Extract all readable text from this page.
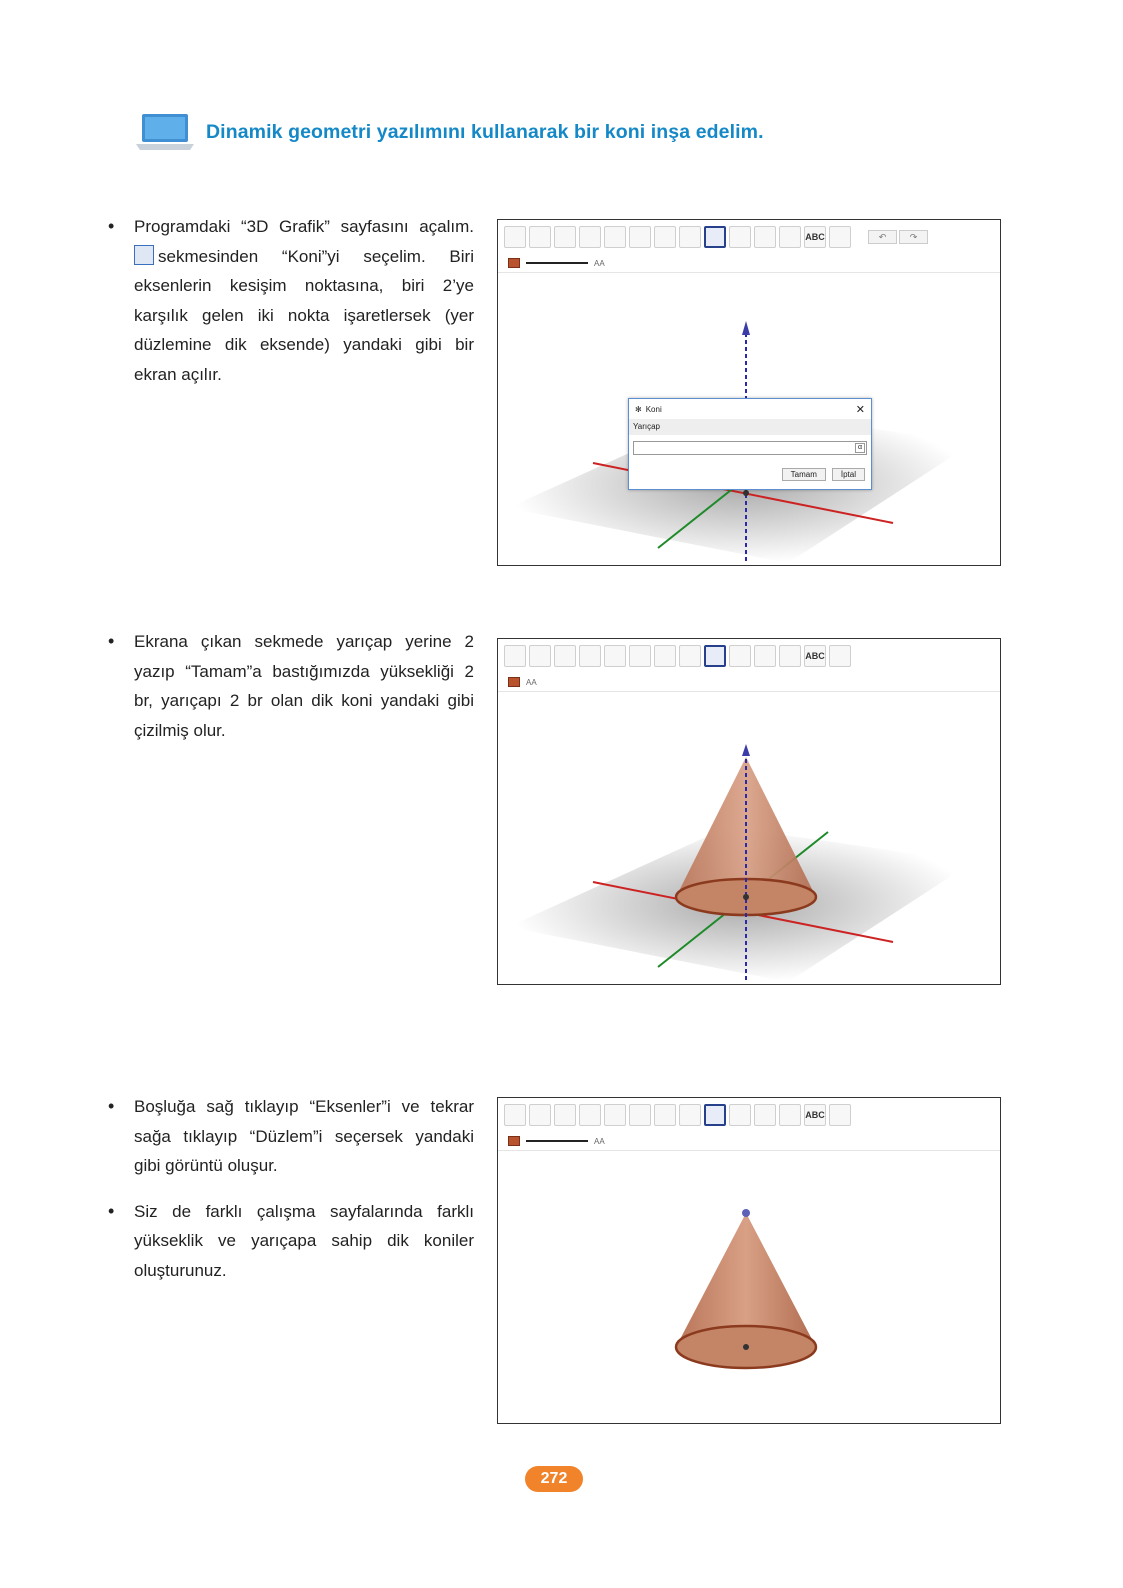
Dinamik geometri yazılımını kullanarak bir koni inşa edelim.
• Programdaki “3D Grafik” sayfasını açalım. sekmesinden “Koni”yi seçelim. Biri eksenlerin kesişim noktasına, biri 2’ye karşılık gelen iki nokta işaretlersek (yer düzlemine dik eksende) yandaki gibi bir ekran açılır.
• Ekrana çıkan sekmede yarıçap yerine 2 yazıp “Tamam”a bastığımızda yüksekliği 2 br, yarıçapı 2 br olan dik koni yandaki gibi çizilmiş olur.
• Boşluğa sağ tıklayıp “Eksenler”i ve tekrar sağa tıklayıp “Düzlem”i seçersek yandaki gibi görüntü oluşur.
• Siz de farklı çalışma sayfalarında farklı yükseklik ve yarıçapa sahip dik koniler oluşturunuz.
ABC	↶	↷
AA
✻ Koni	✕
Yarıçap
α
Tamam	İptal
ABC
AA
ABC
AA
272
